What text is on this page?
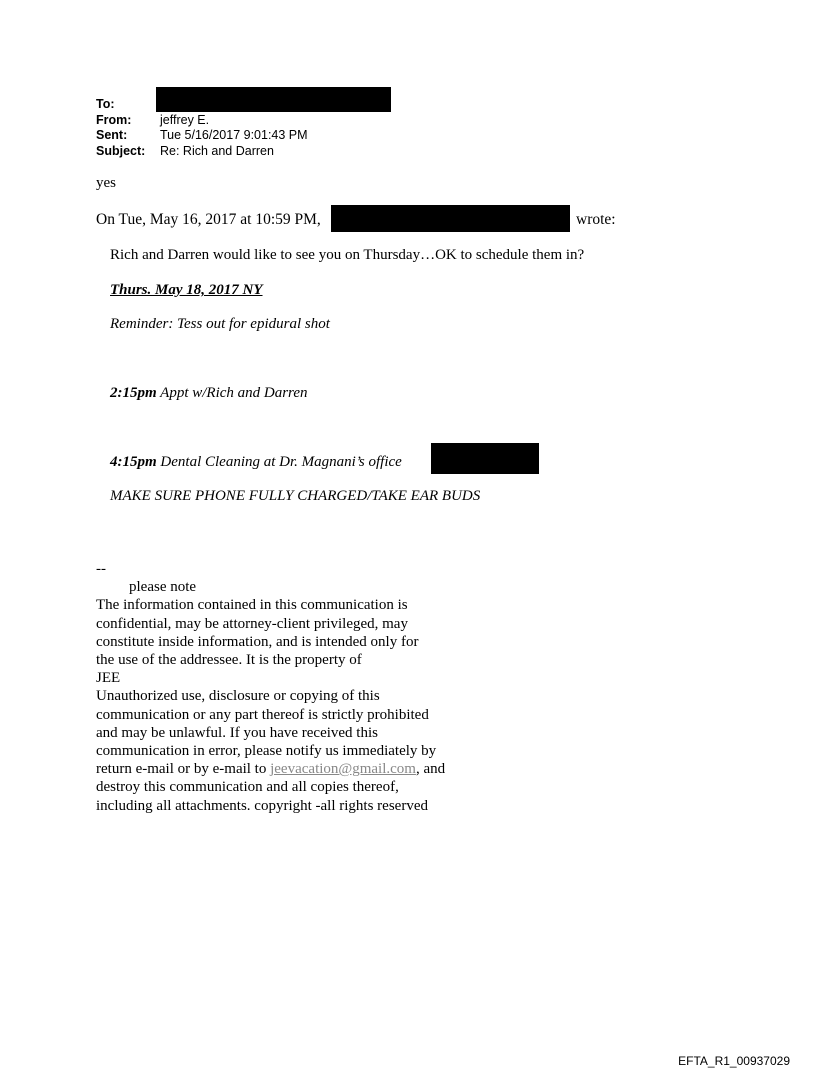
To:
From:	jeffrey E.
Sent:	Tue 5/16/2017 9:01:43 PM
Subject:	Re: Rich and Darren
yes
On Tue, May 16, 2017 at 10:59 PM,	wrote:
Rich and Darren would like to see you on Thursday…OK to schedule them in?
Thurs. May 18, 2017 NY
Reminder: Tess out for epidural shot
2:15pm Appt w/Rich and Darren
4:15pm Dental Cleaning at Dr. Magnani’s office
MAKE SURE PHONE FULLY CHARGED/TAKE EAR BUDS
--
please note
The information contained in this communication is
confidential, may be attorney-client privileged, may
constitute inside information, and is intended only for
the use of the addressee. It is the property of
JEE
Unauthorized use, disclosure or copying of this
communication or any part thereof is strictly prohibited
and may be unlawful. If you have received this
communication in error, please notify us immediately by
return e-mail or by e-mail to jeevacation@gmail.com, and
destroy this communication and all copies thereof,
including all attachments. copyright -all rights reserved
EFTA_R1_00937029
